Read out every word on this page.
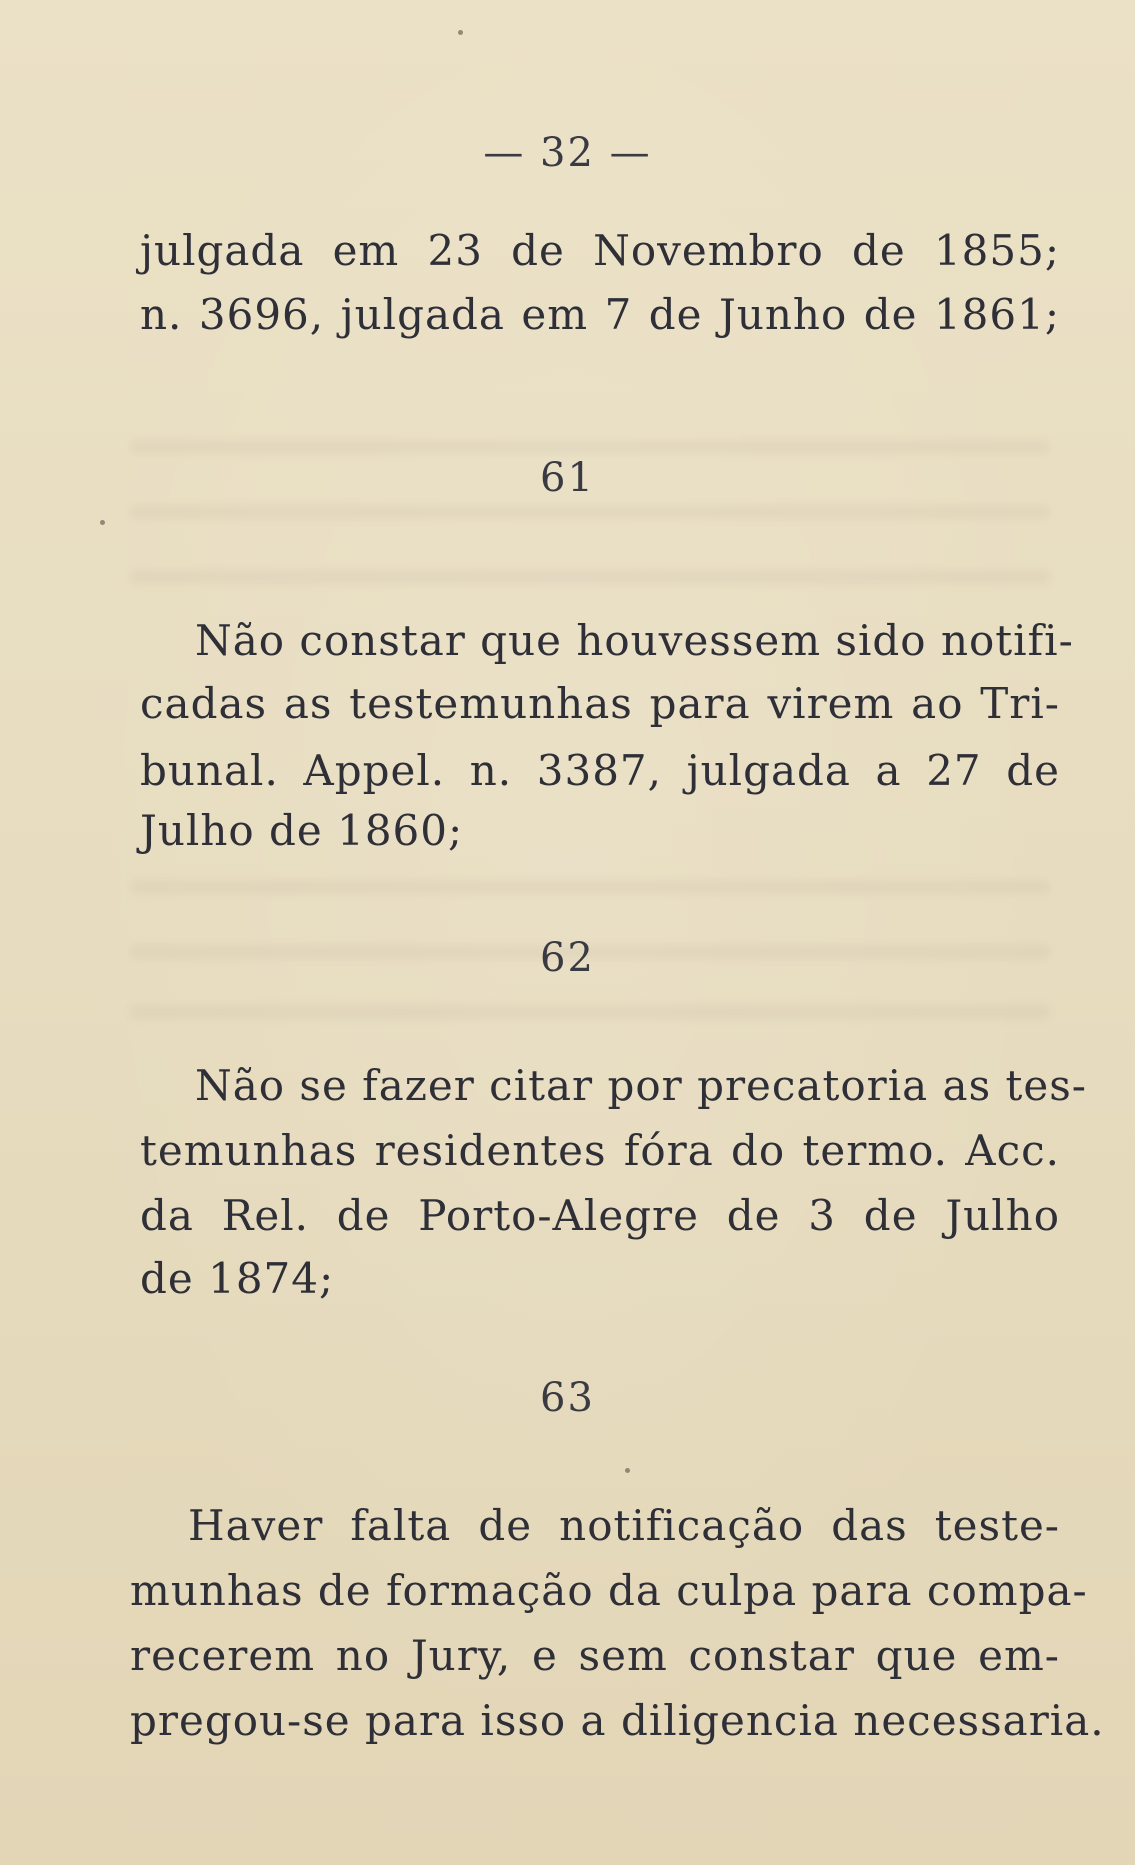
— 32 —
julgada em 23 de Novembro de 1855;
n. 3696, julgada em 7 de Junho de 1861;
61
Não constar que houvessem sido notifi-
cadas as testemunhas para virem ao Tri-
bunal. Appel. n. 3387, julgada a 27 de
Julho de 1860;
62
Não se fazer citar por precatoria as tes-
temunhas residentes fóra do termo. Acc.
da Rel. de Porto-Alegre de 3 de Julho
de 1874;
63
Haver falta de notificação das teste-
munhas de formação da culpa para compa-
recerem no Jury, e sem constar que em-
pregou-se para isso a diligencia necessaria.
